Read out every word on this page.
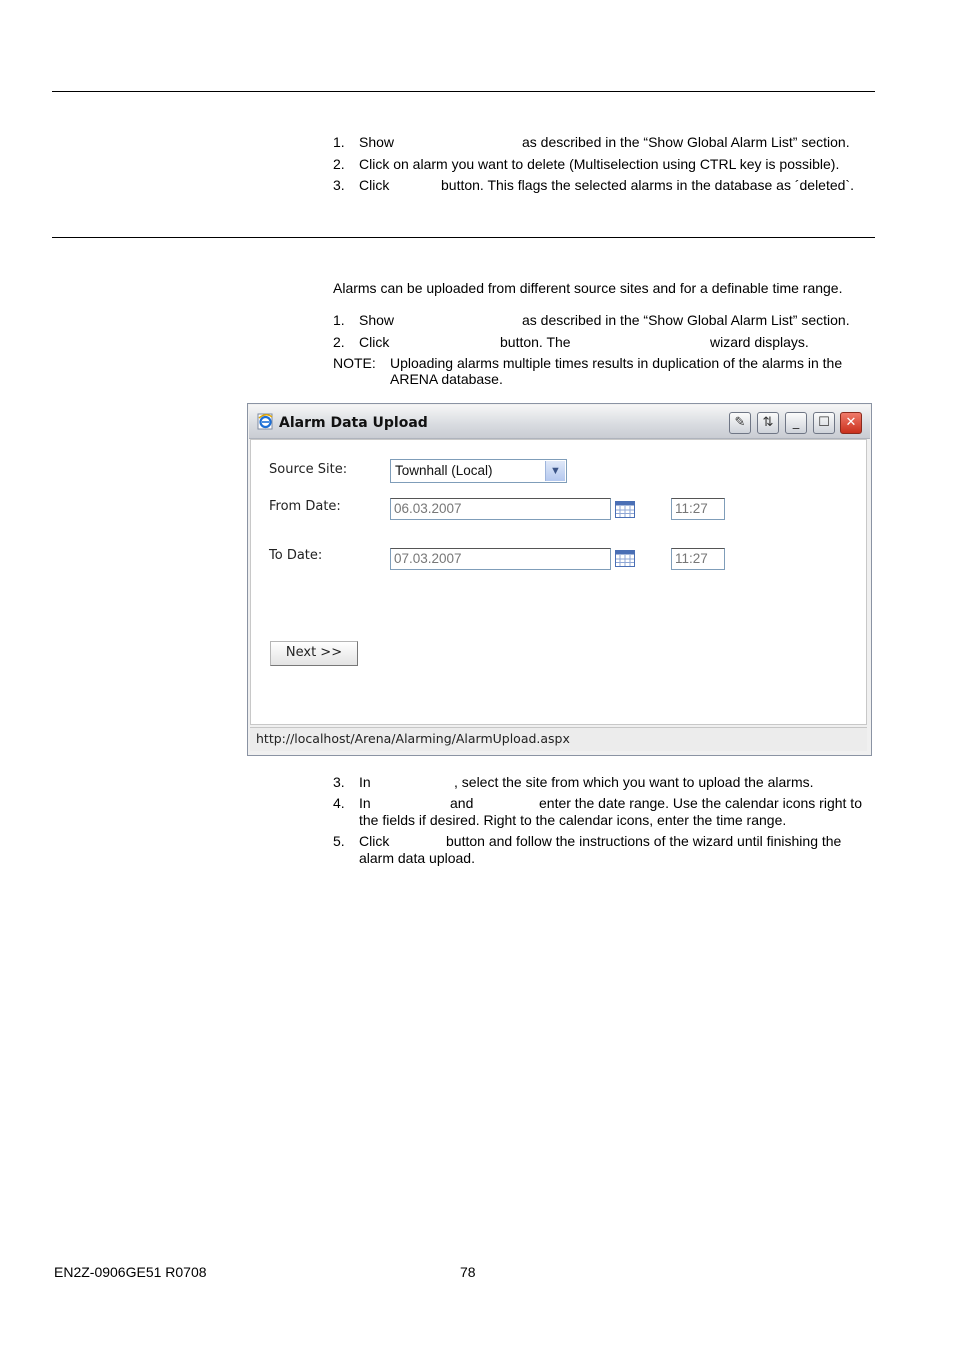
1. Show	as described in the “Show Global Alarm List” section.
2. Click on alarm you want to delete (Multiselection using CTRL key is possible).
3. Click	button. This flags the selected alarms in the database as ´deleted`.
Alarms can be uploaded from different source sites and for a definable time range.
1. Show	as described in the “Show Global Alarm List” section.
2. Click	button. The	wizard displays.
NOTE: Uploading alarms multiple times results in duplication of the alarms in the
ARENA database.
Alarm Data Upload	✎	⇅	_	☐	✕
Source Site:	Townhall (Local)	▼
From Date:	06.03.2007	11:27
To Date:	07.03.2007	11:27
Next >>
http://localhost/Arena/Alarming/AlarmUpload.aspx
3. In	, select the site from which you want to upload the alarms.
4. In	and	enter the date range. Use the calendar icons right to
the fields if desired. Right to the calendar icons, enter the time range.
5. Click	button and follow the instructions of the wizard until finishing the
alarm data upload.
EN2Z-0906GE51 R0708	78
